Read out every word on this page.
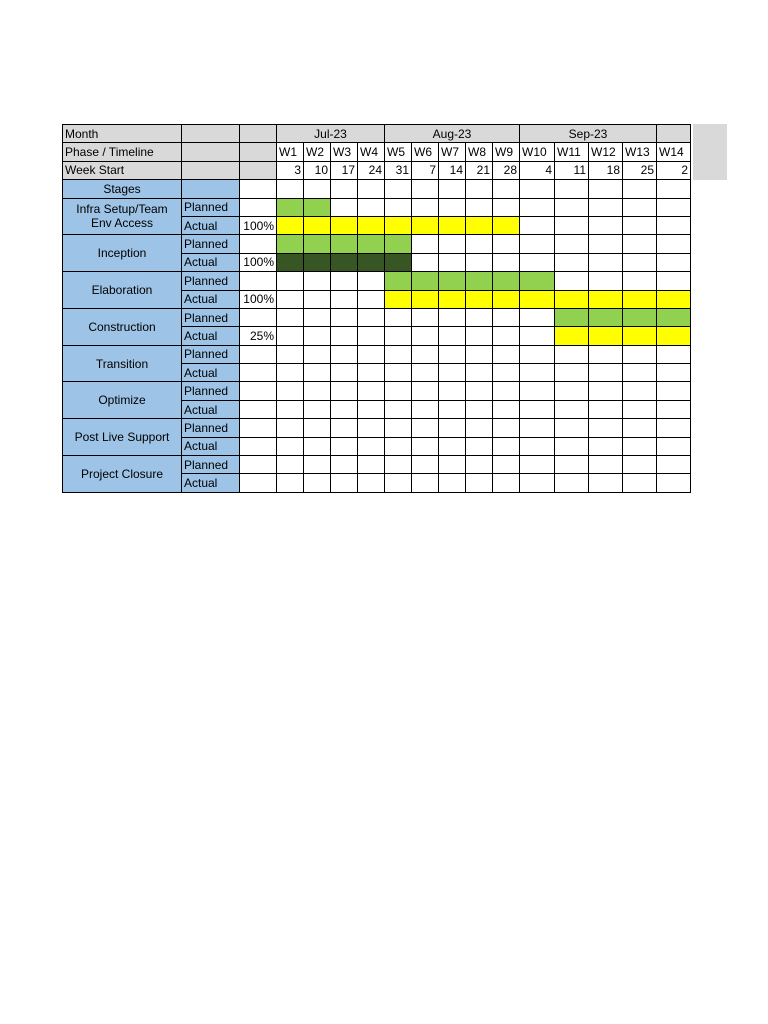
Month			Jul-23				Aug-23					Sep-23				
Phase / Timeline			W1	W2	W3	W4	W5	W6	W7	W8	W9	W10	W11	W12	W13	W14
Week Start			3	10	17	24	31	7	14	21	28	4	11	18	25	2
Stages																
Infra Setup/Team Env Access	Planned															
	Actual	100%														
Inception	Planned															
	Actual	100%														
Elaboration	Planned															
	Actual	100%														
Construction	Planned															
	Actual	25%														
Transition	Planned															
	Actual															
Optimize	Planned															
	Actual															
Post Live Support	Planned															
	Actual															
Project Closure	Planned															
	Actual															
